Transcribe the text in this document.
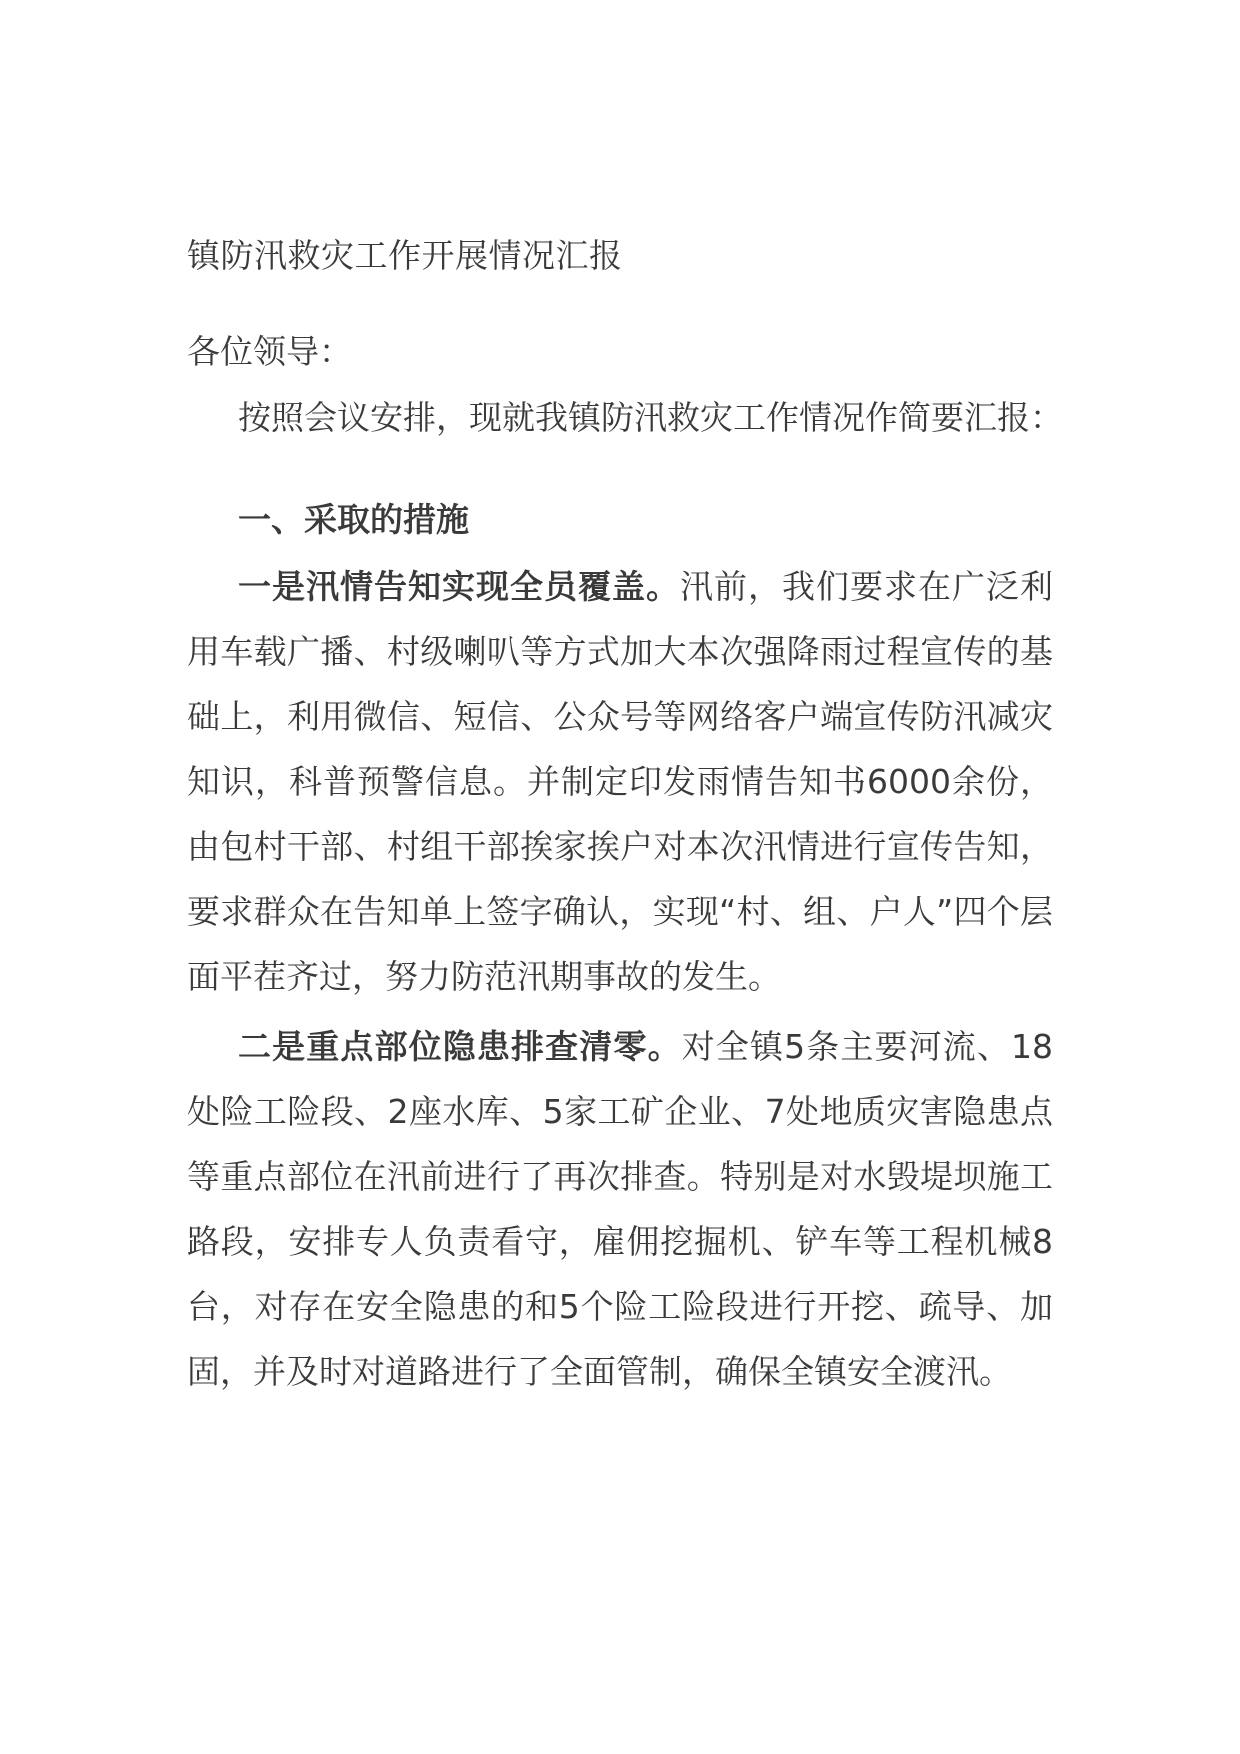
镇防汛救灾工作开展情况汇报
各位领导：
按照会议安排，现就我镇防汛救灾工作情况作简要汇报：
一、采取的措施

一是汛情告知实现全员覆盖。汛前，我们要求在广泛利用车载广播、村级喇叭等方式加大本次强降雨过程宣传的基础上，利用微信、短信、公众号等网络客户端宣传防汛减灾知识，科普预警信息。并制定印发雨情告知书6000余份，由包村干部、村组干部挨家挨户对本次汛情进行宣传告知，要求群众在告知单上签字确认，实现“村、组、户人”四个层面平茬齐过，努力防范汛期事故的发生。

二是重点部位隐患排查清零。对全镇5条主要河流、18处险工险段、2座水库、5家工矿企业、7处地质灾害隐患点等重点部位在汛前进行了再次排查。特别是对水毁堤坝施工路段，安排专人负责看守，雇佣挖掘机、铲车等工程机械8台，对存在安全隐患的和5个险工险段进行开挖、疏导、加固，并及时对道路进行了全面管制，确保全镇安全渡汛。
